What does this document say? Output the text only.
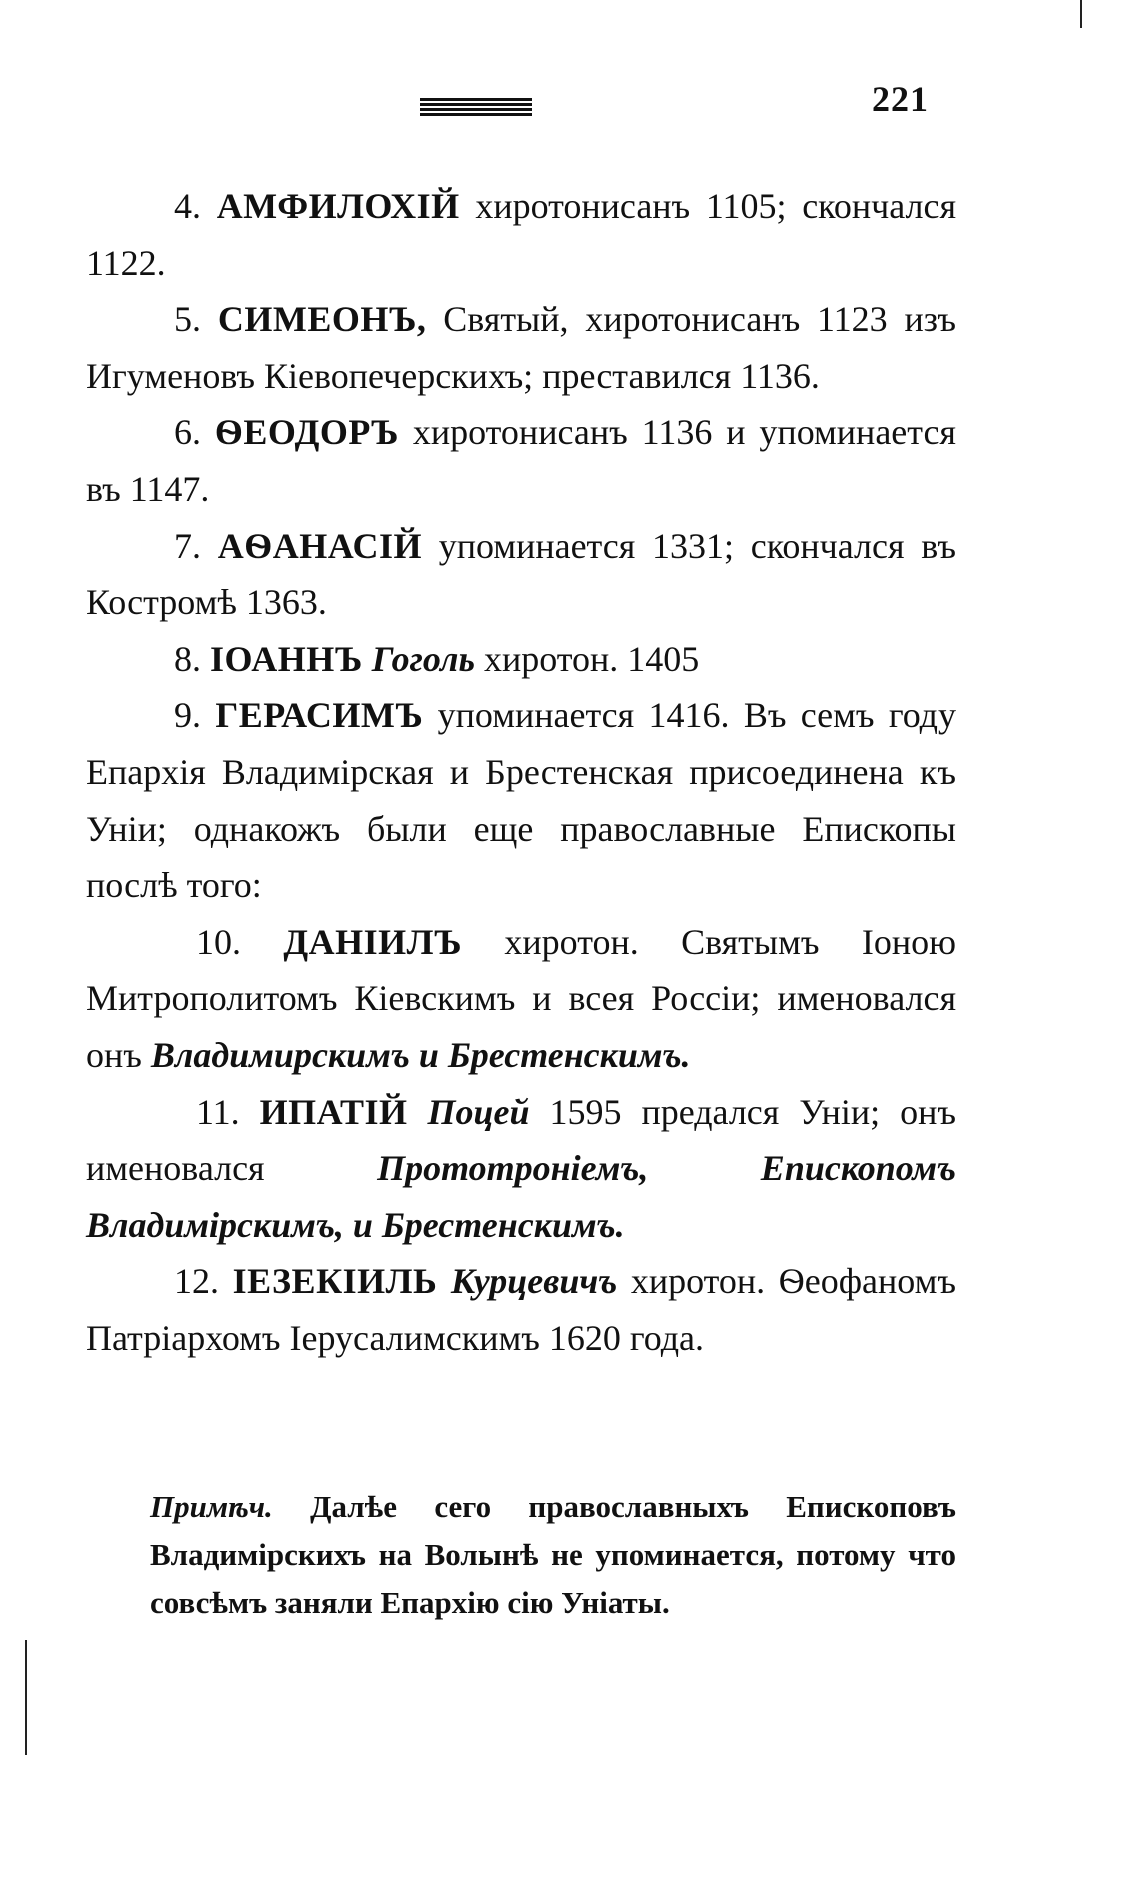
221

4. АМФИЛОХІЙ хиротонисанъ 1105; скончался 1122.

5. СИМЕОНЪ, Святый, хиротонисанъ 1123 изъ Игуменовъ Кіевопечерскихъ; преставился 1136.

6. ѲЕОДОРЪ хиротонисанъ 1136 и упоминается въ 1147.

7. АѲАНАСІЙ упоминается 1331; скончался въ Костромѣ 1363.

8. ІОАННЪ Гоголь хиротон. 1405

9. ГЕРАСИМЪ упоминается 1416. Въ семъ году Епархія Владимірская и Брестенская присоединена къ Уніи; однакожъ были еще православные Епископы послѣ того:

10. ДАНІИЛЪ хиротон. Святымъ Іоною Митрополитомъ Кіевскимъ и всея Россіи; именовался онъ Владимирскимъ и Брестенскимъ.

11. ИПАТІЙ Поцей 1595 предался Уніи; онъ именовался Прототроніемъ, Епископомъ Владимірскимъ, и Брестенскимъ.

12. ІЕЗЕКІИЛЬ Курцевичъ хиротон. Ѳеофаномъ Патріархомъ Іерусалимскимъ 1620 года.

Примѣч. Далѣе сего православныхъ Епископовъ Владимірскихъ на Волынѣ не упоминается, потому что совсѣмъ заняли Епархію сію Уніаты.
